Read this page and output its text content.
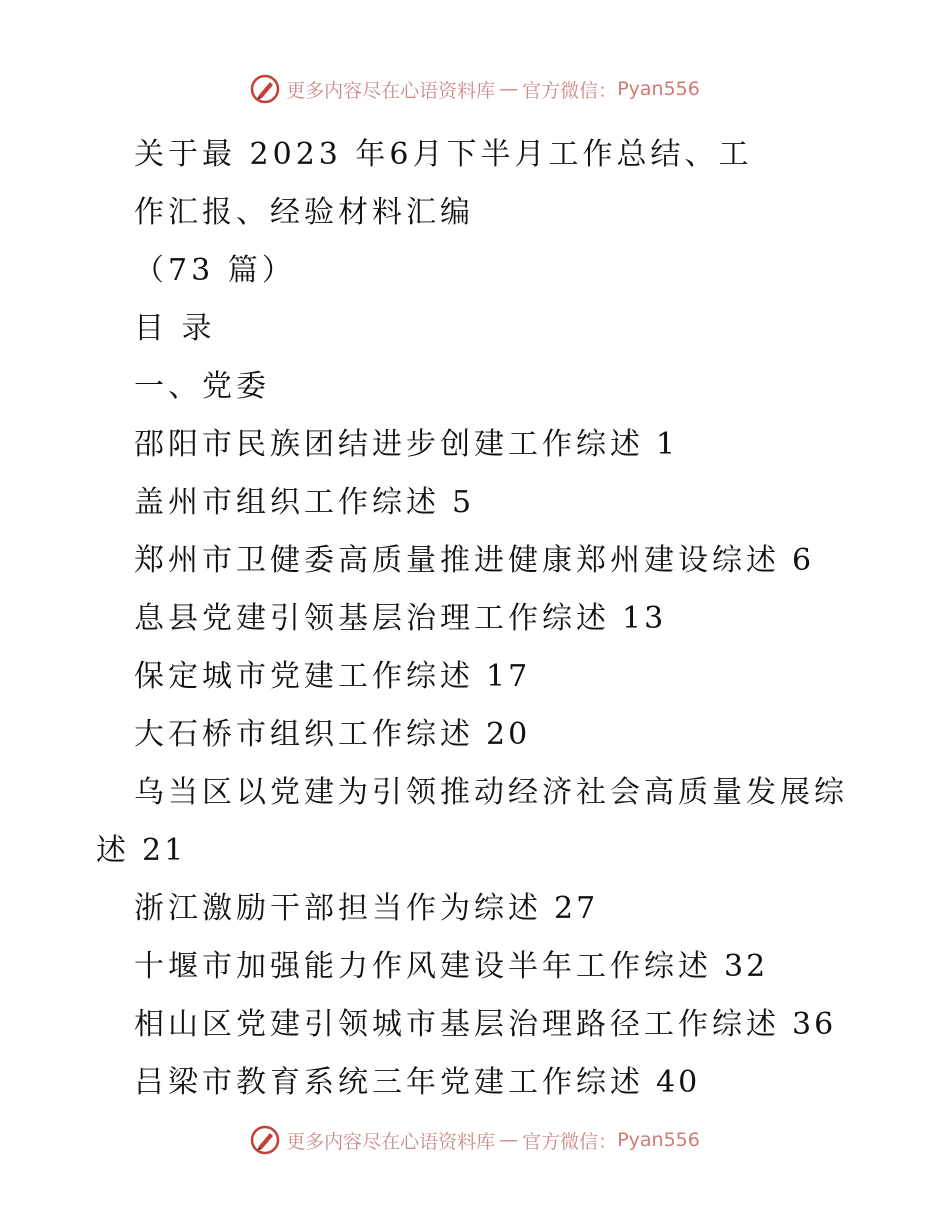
更多内容尽在心语资料库 — 官方微信： Pyan556
关于最 2023 年6月下半月工作总结、工
作汇报、经验材料汇编
（73 篇）
目 录
一、党委
邵阳市民族团结进步创建工作综述 1
盖州市组织工作综述 5
郑州市卫健委高质量推进健康郑州建设综述 6
息县党建引领基层治理工作综述 13
保定城市党建工作综述 17
大石桥市组织工作综述 20
乌当区以党建为引领推动经济社会高质量发展综
述 21
浙江激励干部担当作为综述 27
十堰市加强能力作风建设半年工作综述 32
相山区党建引领城市基层治理路径工作综述 36
吕梁市教育系统三年党建工作综述 40
更多内容尽在心语资料库 — 官方微信： Pyan556
